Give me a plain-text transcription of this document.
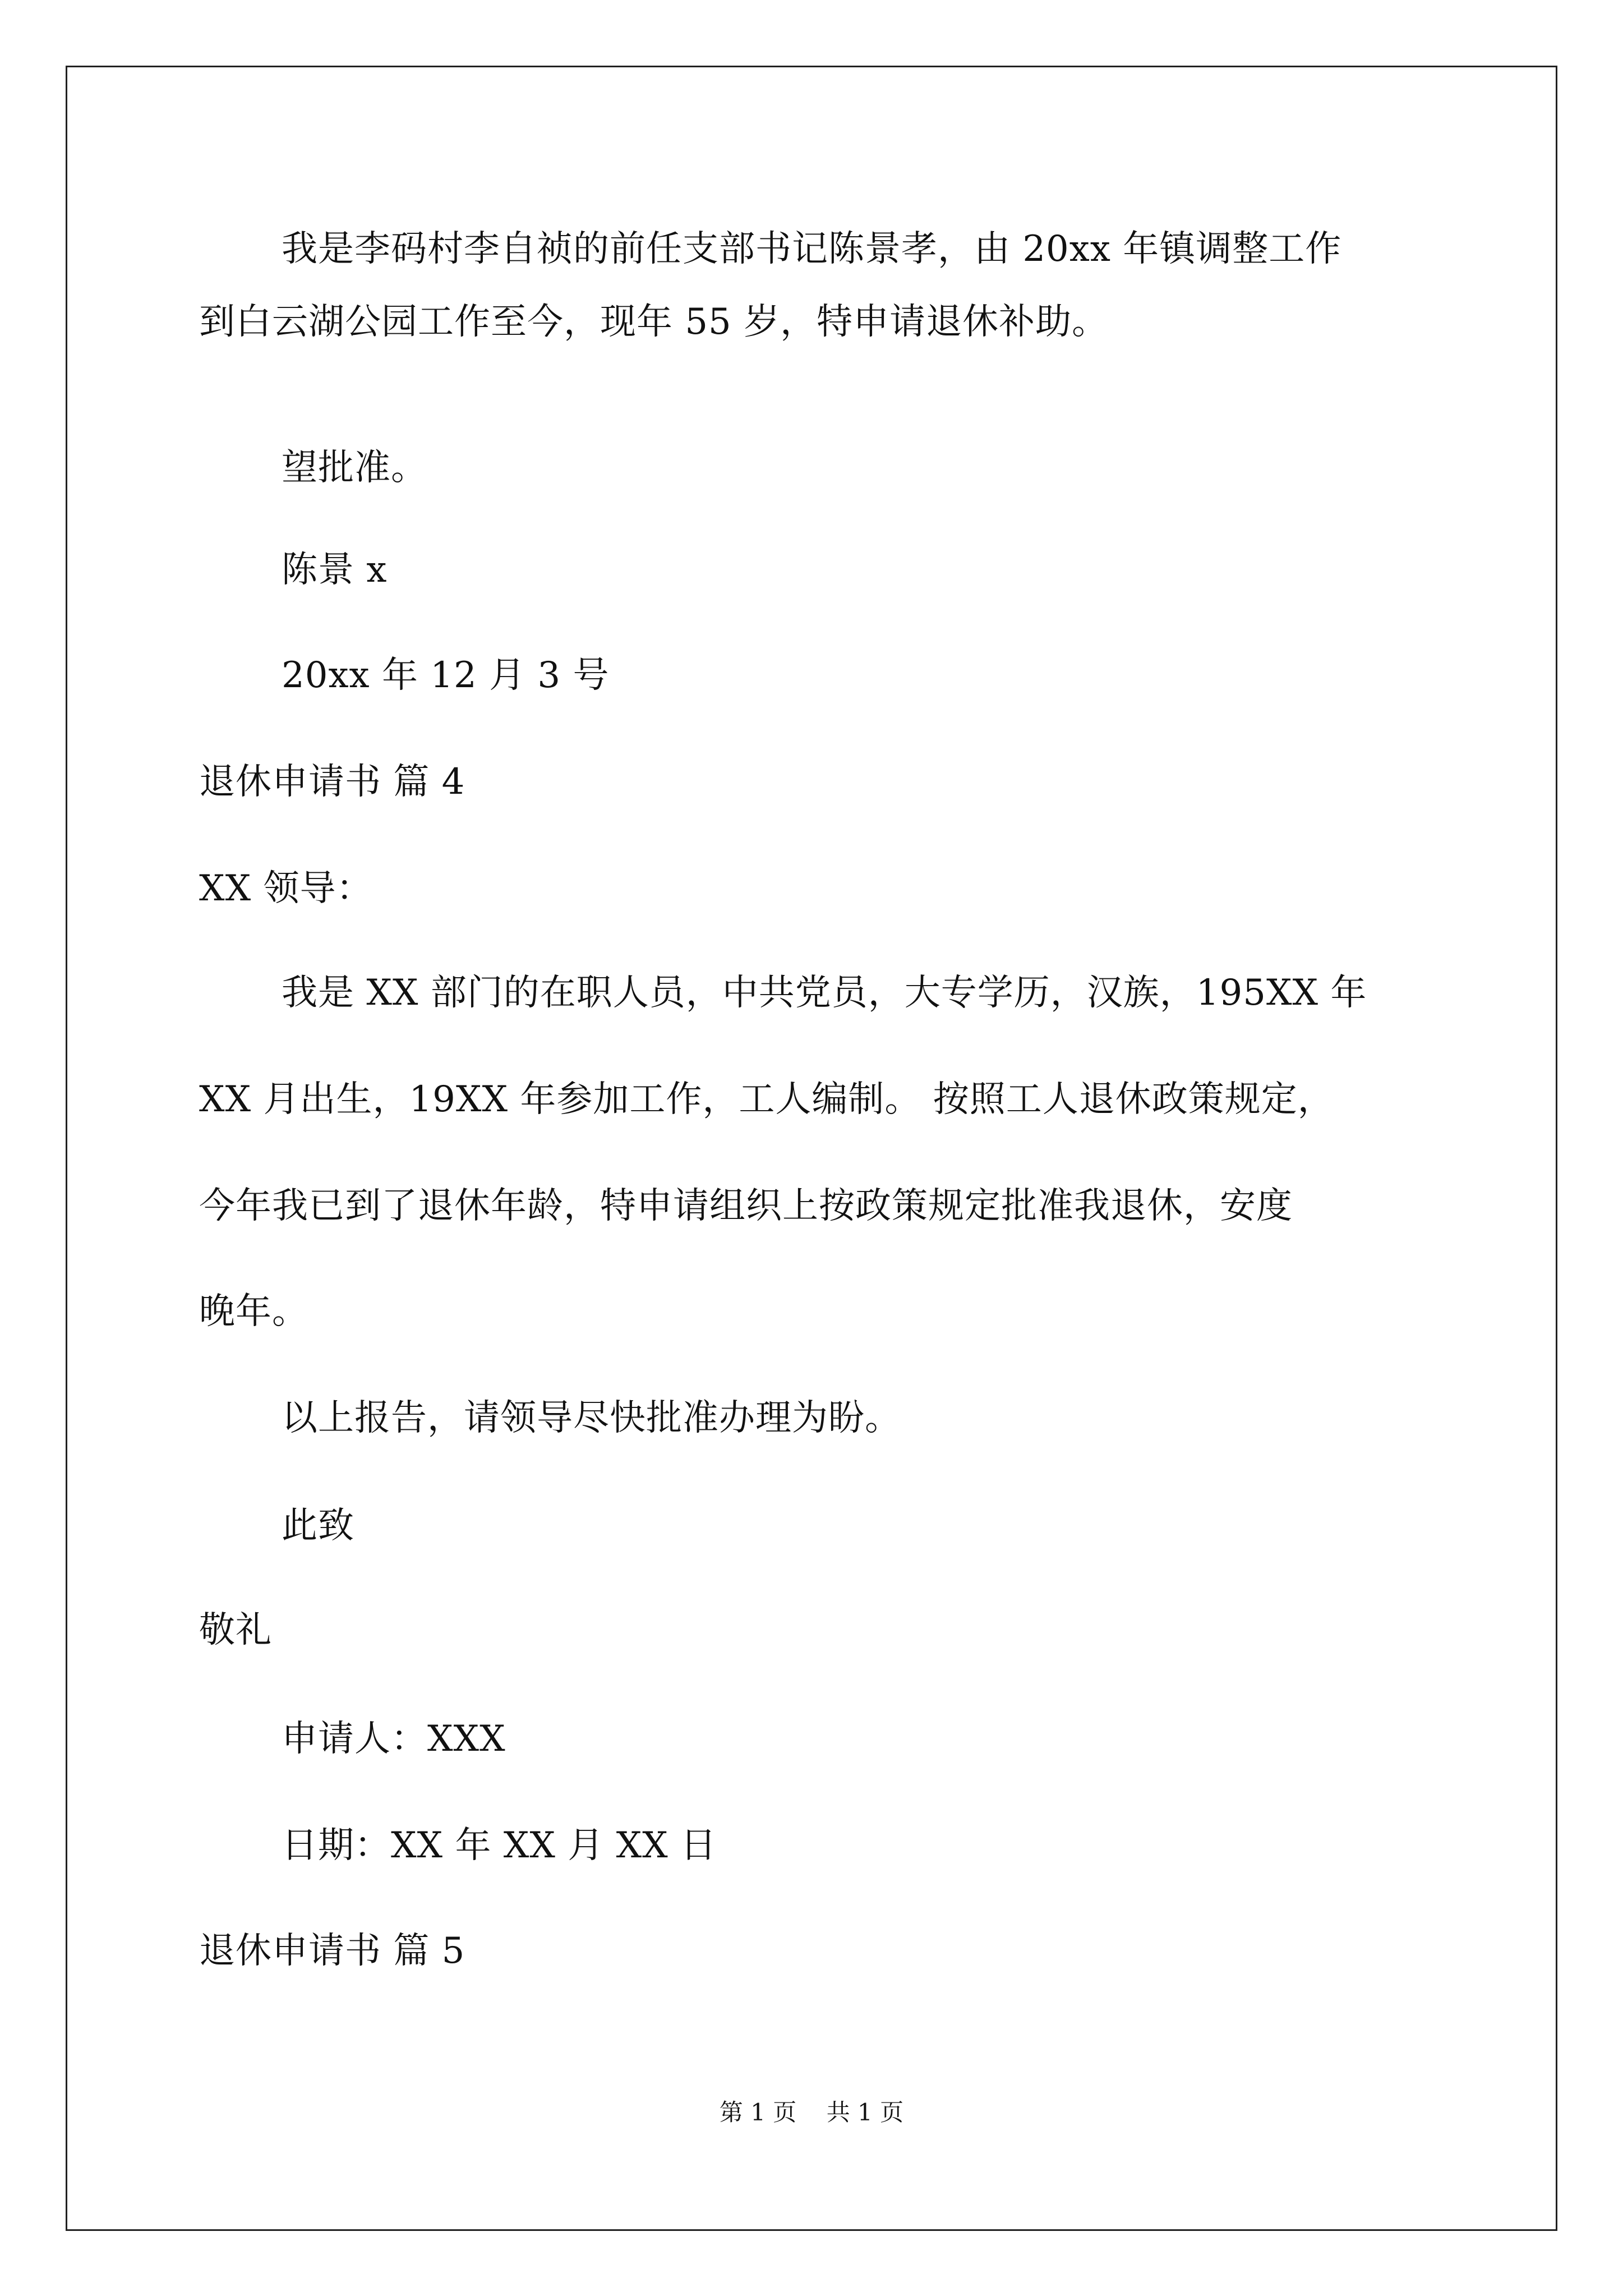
我是李码村李自祯的前任支部书记陈景孝，由 20xx 年镇调整工作
到白云湖公园工作至今，现年 55 岁，特申请退休补助。
望批准。
陈景 x
20xx 年 12 月 3 号
退休申请书 篇 4
XX 领导：
我是 XX 部门的在职人员，中共党员，大专学历，汉族，195XX 年
XX 月出生，19XX 年参加工作，工人编制。 按照工人退休政策规定，
今年我已到了退休年龄，特申请组织上按政策规定批准我退休，安度
晚年。
以上报告，请领导尽快批准办理为盼。
此致
敬礼
申请人：XXX
日期：XX 年 XX 月 XX 日
退休申请书 篇 5
第 1 页    共 1 页
